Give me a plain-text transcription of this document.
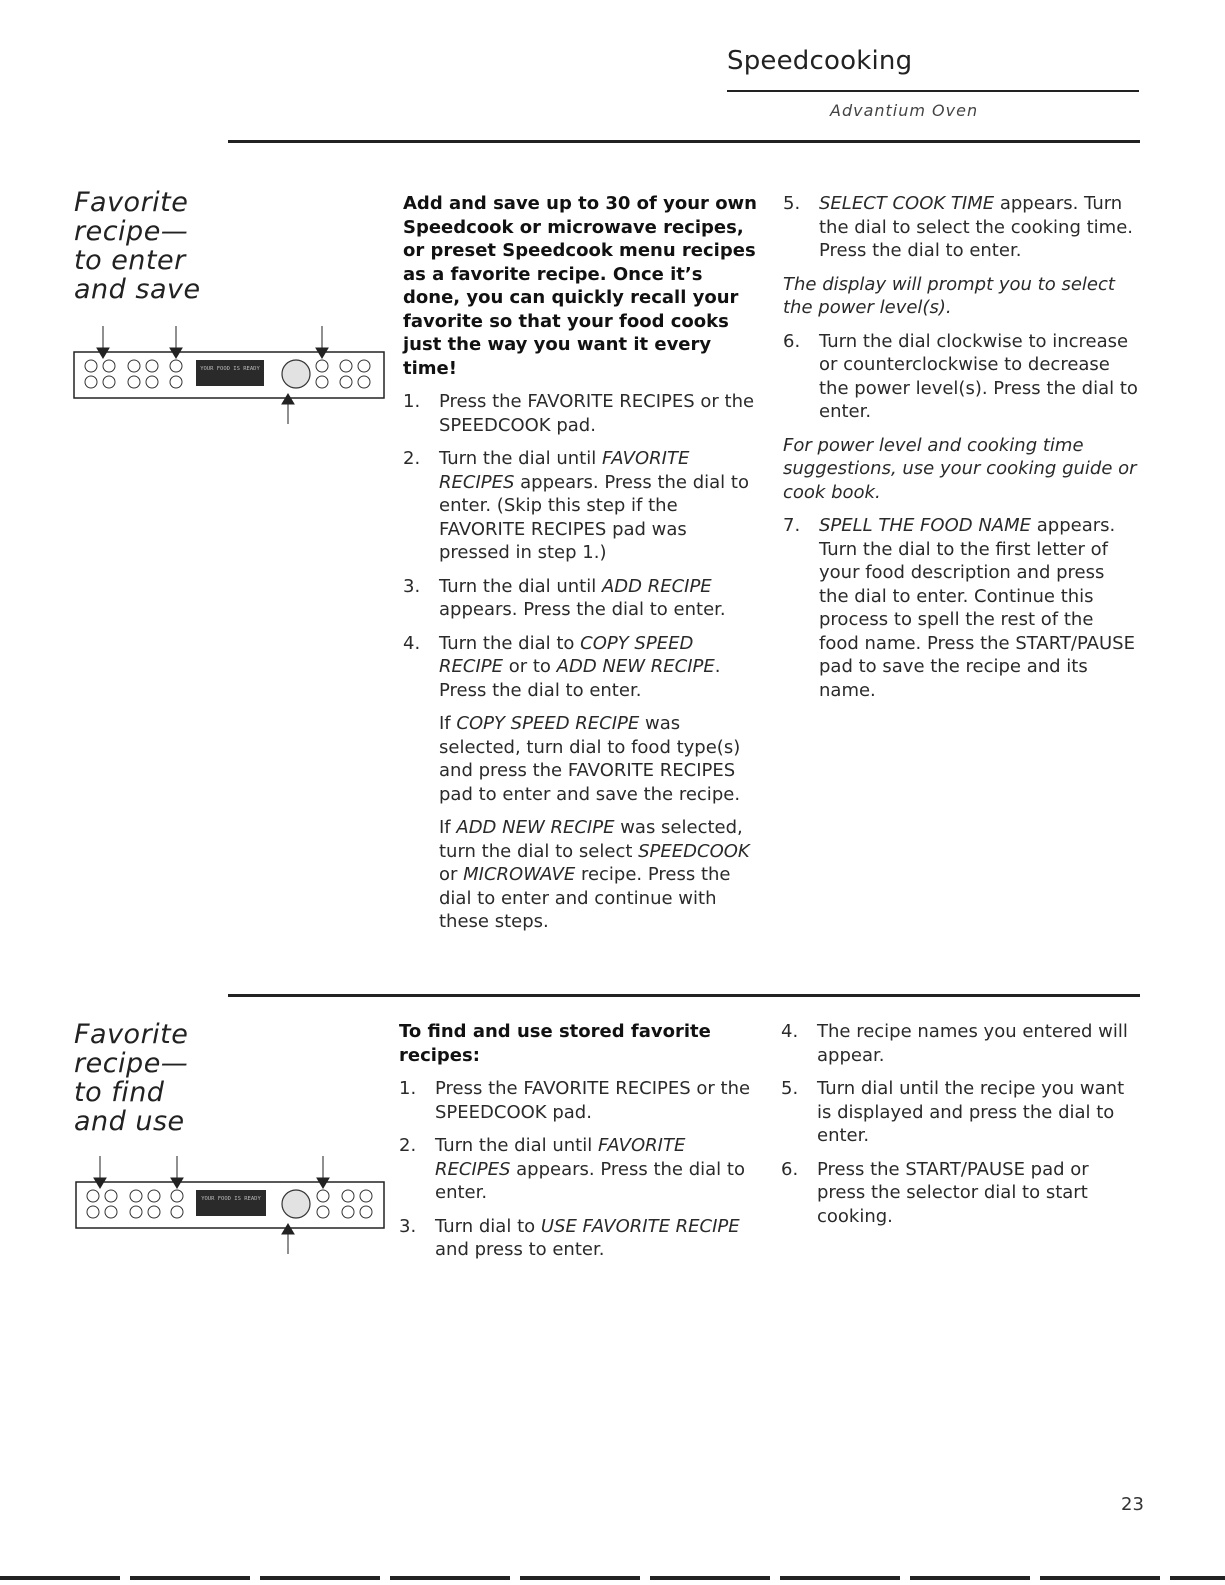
Speedcooking
Advantium Oven
Favorite
recipe—
to enter
and save
YOUR FOOD IS READY

Add and save up to 30 of your own Speedcook or microwave recipes, or preset Speedcook menu recipes as a favorite recipe. Once it’s done, you can quickly recall your favorite so that your food cooks just the way you want it every time!

1.	Press the FAVORITE RECIPES or the SPEEDCOOK pad.

2.	Turn the dial until FAVORITE RECIPES appears. Press the dial to enter. (Skip this step if the FAVORITE RECIPES pad was pressed in step 1.)

3.	Turn the dial until ADD RECIPE appears. Press the dial to enter.

4.	Turn the dial to COPY SPEED RECIPE or to ADD NEW RECIPE. Press the dial to enter.

If COPY SPEED RECIPE was selected, turn dial to food type(s) and press the FAVORITE RECIPES pad to enter and save the recipe.

If ADD NEW RECIPE was selected, turn the dial to select SPEEDCOOK or MICROWAVE recipe. Press the dial to enter and continue with these steps.

5.	SELECT COOK TIME appears. Turn the dial to select the cooking time. Press the dial to enter.

The display will prompt you to select the power level(s).

6.	Turn the dial clockwise to increase or counterclockwise to decrease the power level(s). Press the dial to enter.

For power level and cooking time suggestions, use your cooking guide or cook book.

7.	SPELL THE FOOD NAME appears. Turn the dial to the first letter of your food description and press the dial to enter. Continue this process to spell the rest of the food name. Press the START/PAUSE pad to save the recipe and its name.

Favorite
recipe—
to find
and use
YOUR FOOD IS READY

To find and use stored favorite recipes:

1.	Press the FAVORITE RECIPES or the SPEEDCOOK pad.

2.	Turn the dial until FAVORITE RECIPES appears. Press the dial to enter.

3.	Turn dial to USE FAVORITE RECIPE and press to enter.

4.	The recipe names you entered will appear.

5.	Turn dial until the recipe you want is displayed and press the dial to enter.

6.	Press the START/PAUSE pad or press the selector dial to start cooking.

23
